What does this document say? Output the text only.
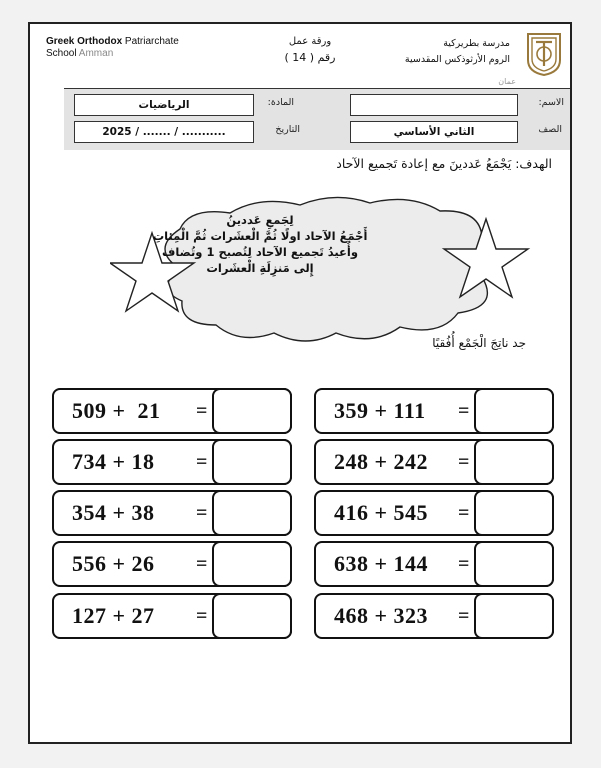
Greek Orthodox Patriarchate
School Amman
ورقة عمل
رقم ( 14 )
مدرسة بطريركية
الروم الأرثوذكس المقدسية
عمان
الاسم:
المادة:
الرياضيات
الصف
الثاني الأساسي
التاريخ
2025 / ....... / ...........
الهدف: يَجْمَعُ عَددينَ مع إعادة تَجميع الآحاد
لِجَمعِ عَددينُ
أَجْمَعُ الآحاد اولًا ثُمَّ الْعشَرات ثُمَّ الْمِئاتِ
وأُعيدُ تَجميع الآحاد لِتُصبح 1 وتُضاف
إِلى مَنزِلَةِ الْعشَرات
جد ناتِجَ الْجَمْع أُفُقيًا
509 +  21 =
734 + 18 =
354 + 38 =
556 + 26 =
127 + 27 =
359 + 111 =
248 + 242 =
416 + 545 =
638 + 144 =
468 + 323 =
